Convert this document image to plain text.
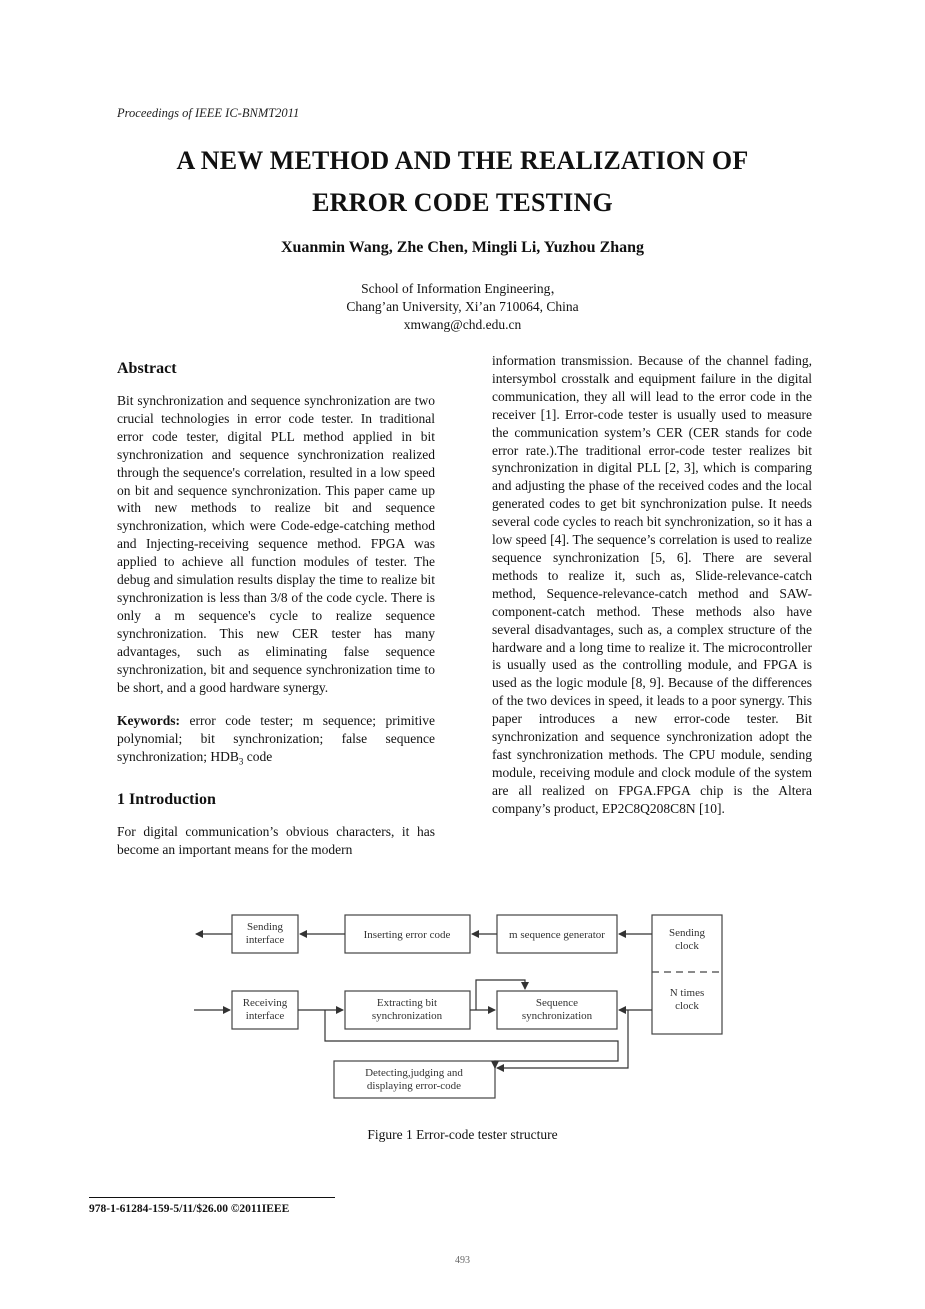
Proceedings of IEEE IC-BNMT2011
A NEW METHOD AND THE REALIZATION OF
ERROR CODE TESTING
Xuanmin Wang, Zhe Chen, Mingli Li, Yuzhou Zhang
School of Information Engineering，
Chang’an University, Xi’an 710064, China
xmwang@chd.edu.cn
Abstract

Bit synchronization and sequence synchronization are two crucial technologies in error code tester. In traditional error code tester, digital PLL method applied in bit synchronization and sequence synchronization realized through the sequence's correlation, resulted in a low speed on bit and sequence synchronization. This paper came up with new methods to realize bit and sequence synchronization, which were Code-edge-catching method and Injecting-receiving sequence method. FPGA was applied to achieve all function modules of tester. The debug and simulation results display the time to realize bit synchronization is less than 3/8 of the code cycle. There is only a m sequence's cycle to realize sequence synchronization. This new CER tester has many advantages, such as eliminating false sequence synchronization, bit and sequence synchronization time to be short, and a good hardware synergy.

Keywords: error code tester; m sequence; primitive polynomial; bit synchronization; false sequence synchronization; $HDB_3$ code

1 Introduction

For digital communication’s obvious characters, it has become an important means for the modern

information transmission. Because of the channel fading, intersymbol crosstalk and equipment failure in the digital communication, they all will lead to the error code in the receiver [1]. Error-code tester is usually used to measure the communication system’s CER (CER stands for code error rate.).The traditional error-code tester realizes bit synchronization in digital PLL [2, 3], which is comparing and adjusting the phase of the received codes and the local generated codes to get bit synchronization pulse. It needs several code cycles to reach bit synchronization, so it has a low speed [4]. The sequence’s correlation is used to realize sequence synchronization [5, 6]. There are several methods to realize it, such as, Slide-relevance-catch method, Sequence-relevance-catch method and SAW-component-catch method. These methods also have several disadvantages, such as, a complex structure of the hardware and a long time to realize it. The microcontroller is usually used as the controlling module, and FPGA is used as the logic module [8, 9]. Because of the differences of the two devices in speed, it leads to a poor synergy. This paper introduces a new error-code tester. Bit synchronization and sequence synchronization adopt the fast synchronization methods. The CPU module, sending module, receiving module and clock module of the system are all realized on FPGA.FPGA chip is the Altera company’s product, EP2C8Q208C8N [10].

Sending
interface	Inserting error code	m sequence generator	Sending
clock
N times
clock
Receiving
interface
Extracting bit
synchronization
Sequence
synchronization
Detecting,judging and
displaying error-code
Figure 1 Error-code tester structure
978-1-61284-159-5/11/$26.00 ©2011IEEE
493
